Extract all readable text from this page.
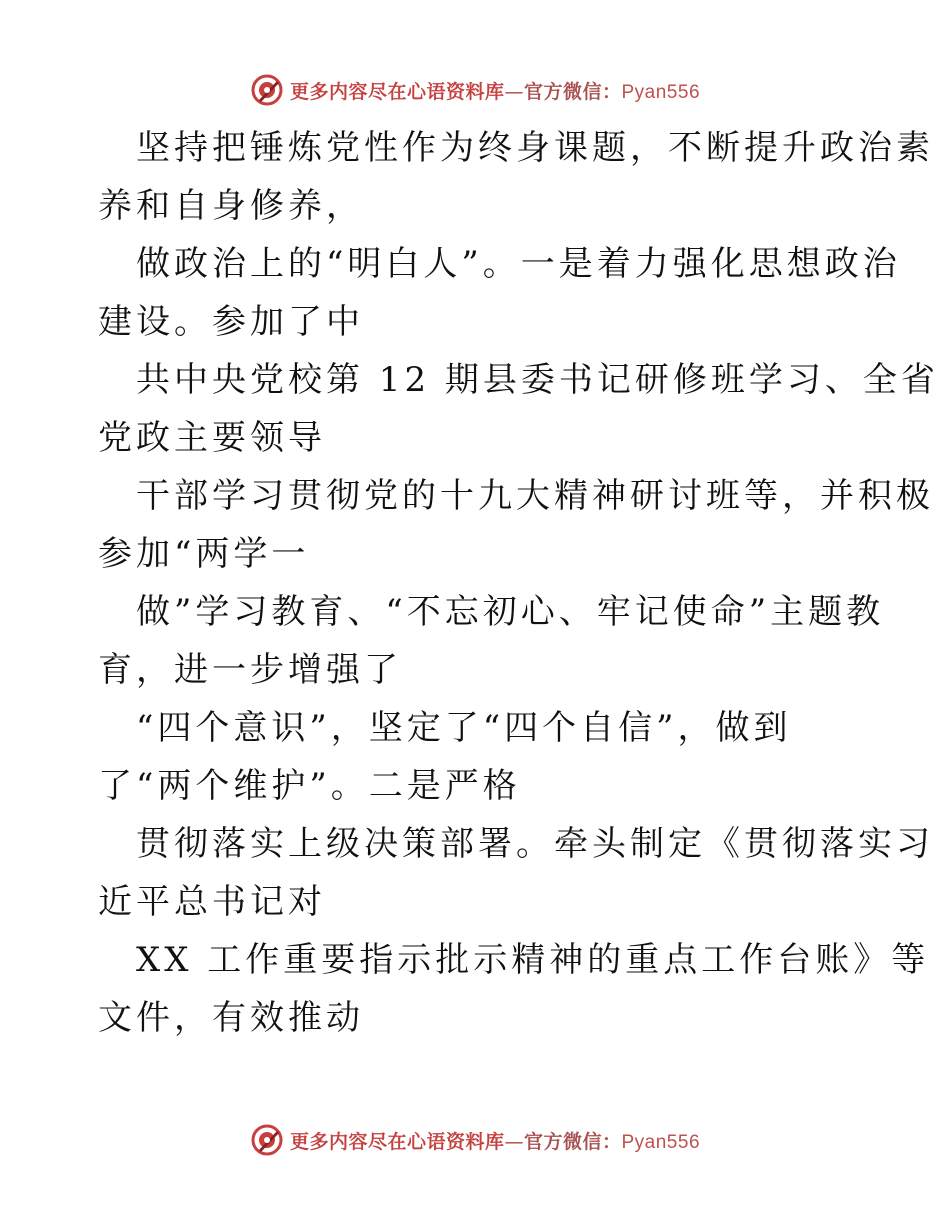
更多内容尽在心语资料库—官方微信：Pyan556
坚持把锤炼党性作为终身课题，不断提升政治素
养和自身修养，
做政治上的“明白人”。一是着力强化思想政治
建设。参加了中
共中央党校第 12 期县委书记研修班学习、全省
党政主要领导
干部学习贯彻党的十九大精神研讨班等，并积极
参加“两学一
做”学习教育、“不忘初心、牢记使命”主题教
育，进一步增强了
“四个意识”，坚定了“四个自信”，做到
了“两个维护”。二是严格
贯彻落实上级决策部署。牵头制定《贯彻落实习
近平总书记对
XX 工作重要指示批示精神的重点工作台账》等
文件，有效推动
更多内容尽在心语资料库—官方微信：Pyan556
